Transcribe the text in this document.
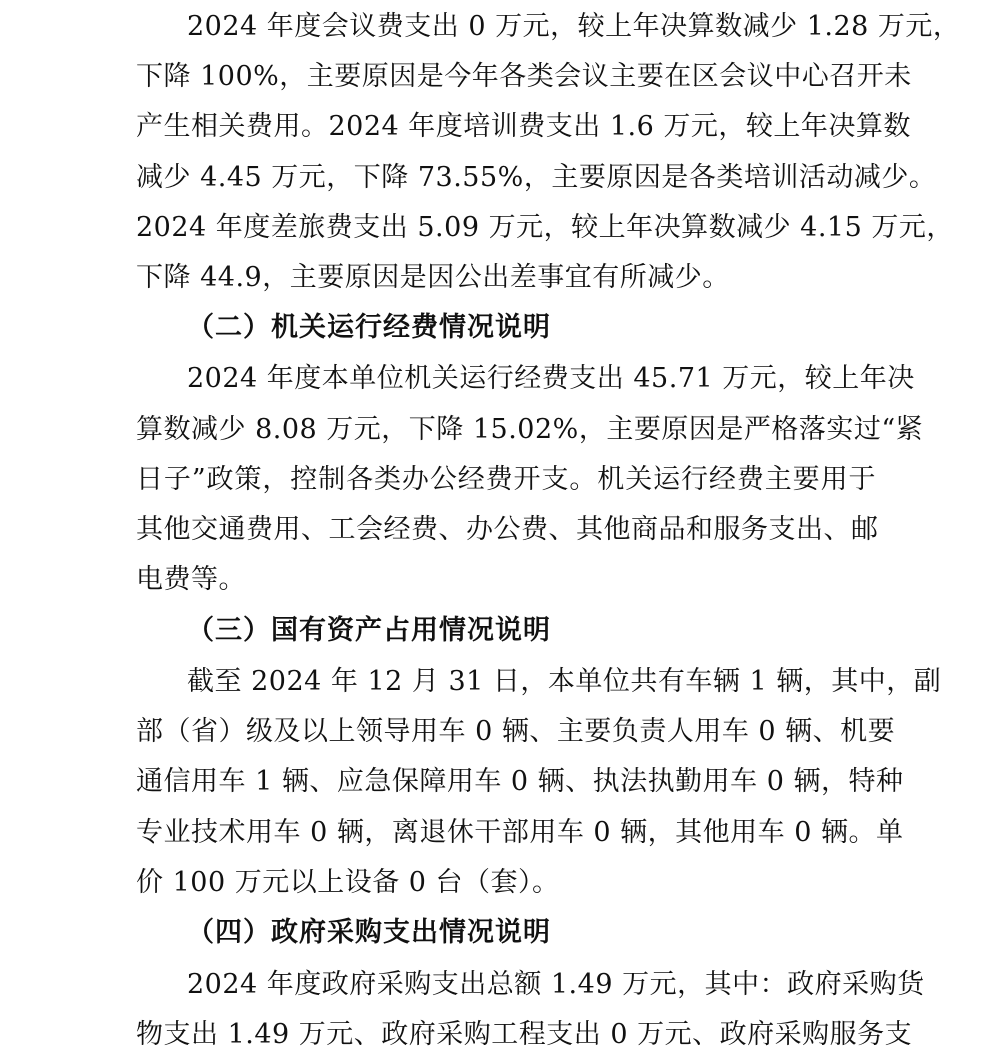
2024 年度会议费支出 0 万元，较上年决算数减少 1.28 万元，
下降 100%，主要原因是今年各类会议主要在区会议中心召开未
产生相关费用。2024 年度培训费支出 1.6 万元，较上年决算数
减少 4.45 万元，下降 73.55%，主要原因是各类培训活动减少。
2024 年度差旅费支出 5.09 万元，较上年决算数减少 4.15 万元，
下降 44.9，主要原因是因公出差事宜有所减少。
（二）机关运行经费情况说明
2024 年度本单位机关运行经费支出 45.71 万元，较上年决
算数减少 8.08 万元，下降 15.02%，主要原因是严格落实过“紧
日子”政策，控制各类办公经费开支。机关运行经费主要用于
其他交通费用、工会经费、办公费、其他商品和服务支出、邮
电费等。
（三）国有资产占用情况说明
截至 2024 年 12 月 31 日，本单位共有车辆 1 辆，其中，副
部（省）级及以上领导用车 0 辆、主要负责人用车 0 辆、机要
通信用车 1 辆、应急保障用车 0 辆、执法执勤用车 0 辆，特种
专业技术用车 0 辆，离退休干部用车 0 辆，其他用车 0 辆。单
价 100 万元以上设备 0 台（套）。
（四）政府采购支出情况说明
2024 年度政府采购支出总额 1.49 万元，其中：政府采购货
物支出 1.49 万元、政府采购工程支出 0 万元、政府采购服务支
